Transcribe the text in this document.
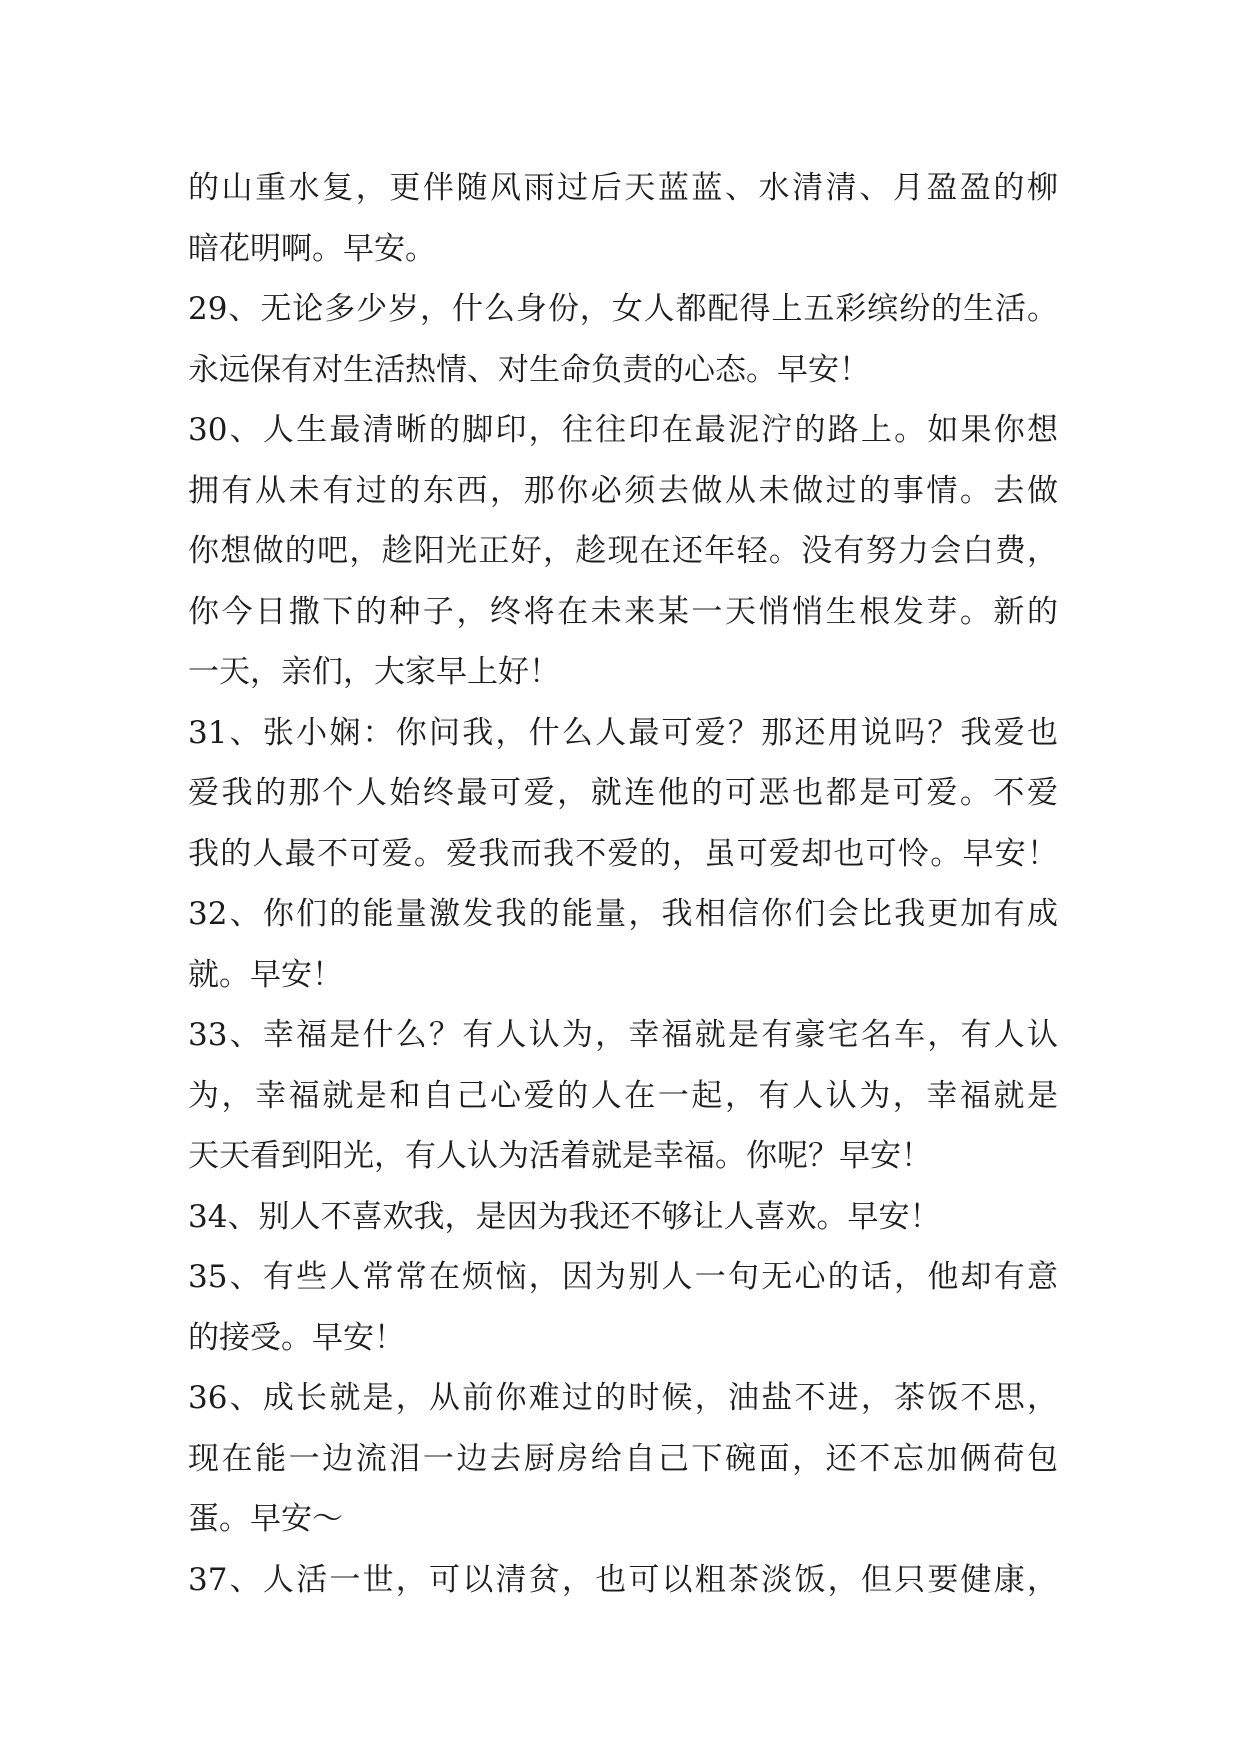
的山重水复，更伴随风雨过后天蓝蓝、水清清、月盈盈的柳
暗花明啊。早安。
29、无论多少岁，什么身份，女人都配得上五彩缤纷的生活。
永远保有对生活热情、对生命负责的心态。早安！
30、人生最清晰的脚印，往往印在最泥泞的路上。如果你想
拥有从未有过的东西，那你必须去做从未做过的事情。去做
你想做的吧，趁阳光正好，趁现在还年轻。没有努力会白费，
你今日撒下的种子，终将在未来某一天悄悄生根发芽。新的
一天，亲们，大家早上好！
31、张小娴：你问我，什么人最可爱？那还用说吗？我爱也
爱我的那个人始终最可爱，就连他的可恶也都是可爱。不爱
我的人最不可爱。爱我而我不爱的，虽可爱却也可怜。早安！
32、你们的能量激发我的能量，我相信你们会比我更加有成
就。早安！
33、幸福是什么？有人认为，幸福就是有豪宅名车，有人认
为，幸福就是和自己心爱的人在一起，有人认为，幸福就是
天天看到阳光，有人认为活着就是幸福。你呢？早安！
34、别人不喜欢我，是因为我还不够让人喜欢。早安！
35、有些人常常在烦恼，因为别人一句无心的话，他却有意
的接受。早安！
36、成长就是，从前你难过的时候，油盐不进，茶饭不思，
现在能一边流泪一边去厨房给自己下碗面，还不忘加俩荷包
蛋。早安～
37、人活一世，可以清贫，也可以粗茶淡饭，但只要健康，
